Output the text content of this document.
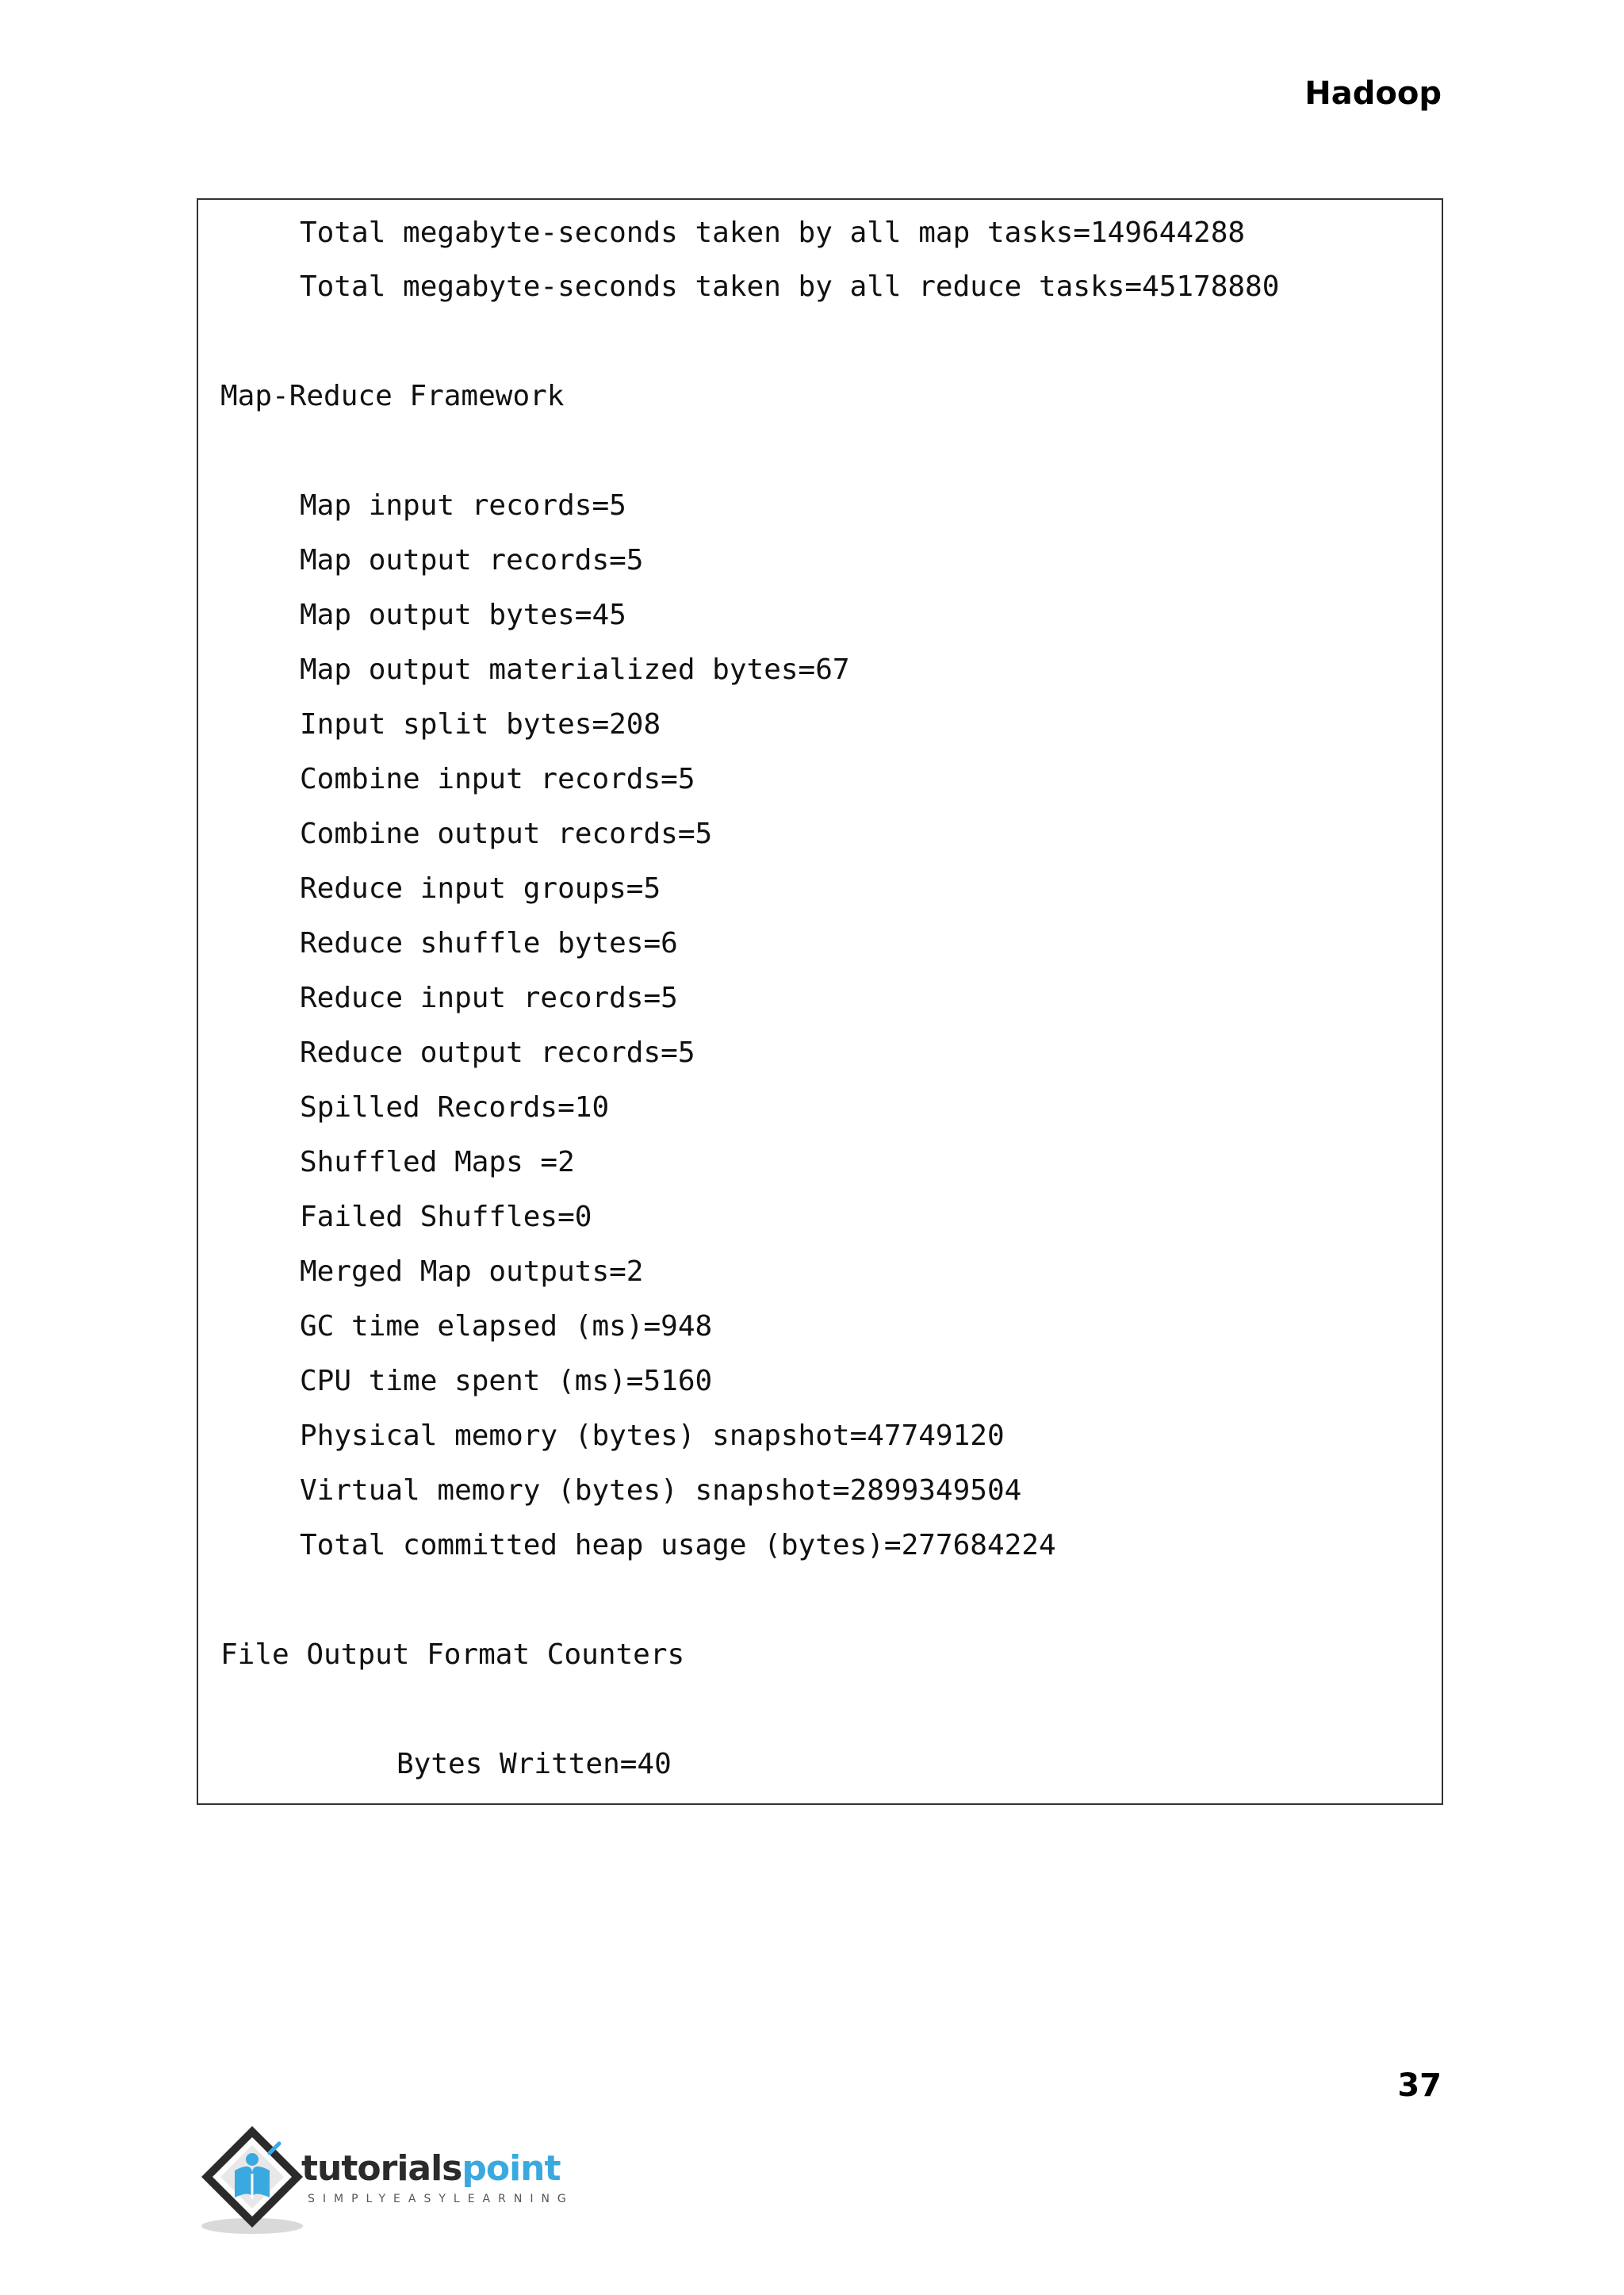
Hadoop
Total megabyte-seconds taken by all map tasks=149644288
Total megabyte-seconds taken by all reduce tasks=45178880
Map-Reduce Framework
Map input records=5
Map output records=5
Map output bytes=45
Map output materialized bytes=67
Input split bytes=208
Combine input records=5
Combine output records=5
Reduce input groups=5
Reduce shuffle bytes=6
Reduce input records=5
Reduce output records=5
Spilled Records=10
Shuffled Maps =2
Failed Shuffles=0
Merged Map outputs=2
GC time elapsed (ms)=948
CPU time spent (ms)=5160
Physical memory (bytes) snapshot=47749120
Virtual memory (bytes) snapshot=2899349504
Total committed heap usage (bytes)=277684224
File Output Format Counters
Bytes Written=40
37
tutorialspoint
SIMPLYEASYLEARNING
